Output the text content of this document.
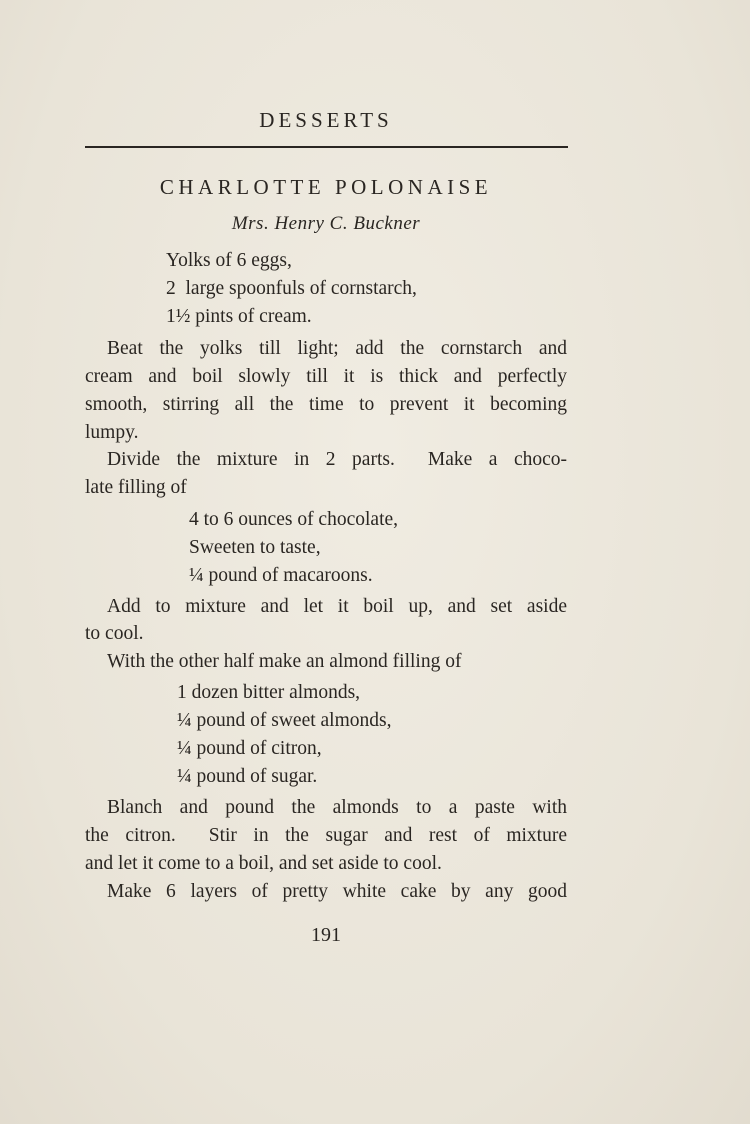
DESSERTS
CHARLOTTE POLONAISE
Mrs. Henry C. Buckner
Yolks of 6 eggs,
2  large spoonfuls of cornstarch,
1½ pints of cream.
Beat the yolks till light; add the cornstarch and
cream and boil slowly till it is thick and perfectly
smooth, stirring all the time to prevent it becoming
lumpy.
Divide the mixture in 2 parts.  Make a choco-
late filling of
4 to 6 ounces of chocolate,
Sweeten to taste,
¼ pound of macaroons.
Add to mixture and let it boil up, and set aside
to cool.
With the other half make an almond filling of
1 dozen bitter almonds,
¼ pound of sweet almonds,
¼ pound of citron,
¼ pound of sugar.
Blanch and pound the almonds to a paste with
the citron.  Stir in the sugar and rest of mixture
and let it come to a boil, and set aside to cool.
Make 6 layers of pretty white cake by any good
191
